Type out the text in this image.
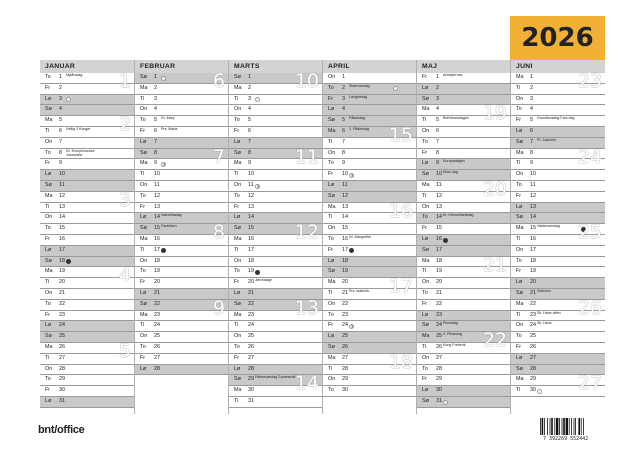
2026
JANUAR
To 1 Nytårsdag
Fr 2
Lø 3
Sø 4
Ma 5
Ti 6 Hellig 3 Konger
On 7
To 8 Dr. Kronprinsesse Josephine
Fr 9
Lø 10
Sø 11
Ma 12
Ti 13
On 14
To 15
Fr 16
Lø 17
Sø 18
Ma 19
Ti 20
On 21
To 22
Fr 23
Lø 24
Sø 25
Ma 26
Ti 27
On 28
To 29
Fr 30
Lø 31
1
2
3
4
5
FEBRUAR
Sø 1
Ma 2
Ti 3
On 4
To 5 Dr. Mary
Fr 6 Prs. Maria
Lø 7
Sø 8
Ma 9
Ti 10
On 11
To 12
Fr 13
Lø 14 Valentinsdag
Sø 15 Fastelavn
Ma 16
Ti 17
On 18
To 19
Fr 20
Lø 21
Sø 22
Ma 23
Ti 24
On 25
To 26
Fr 27
Lø 28
6
7
8
9
MARTS
Sø 1
Ma 2
Ti 3
On 4
To 5
Fr 6
Lø 7
Sø 8
Ma 9
Ti 10
On 11
To 12
Fr 13
Lø 14
Sø 15
Ma 16
Ti 17
On 18
To 19
Fr 20 Jævndøgn
Lø 21
Sø 22
Ma 23
Ti 24
On 25
To 26
Fr 27
Lø 28
Sø 29 Palmesøndag Sommertid
Ma 30
Ti 31
10
11
12
13
14
APRIL
On 1
To 2 Skærtorsdag
Fr 3 Langfredag
Lø 4
Sø 5 Påskedag
Ma 6 2. Påskedag
Ti 7
On 8
To 9
Fr 10
Lø 11
Sø 12
Ma 13
Ti 14
On 15
To 16 Dr. Margrethe
Fr 17
Lø 18
Sø 19
Ma 20
Ti 21 Prs. Isabella
On 22
To 23
Fr 24
Lø 25
Sø 26
Ma 27
Ti 28
On 29
To 30
15
16
17
18
MAJ
Fr 1 Arbejdernes
Lø 2
Sø 3
Ma 4
Ti 5 Befrielsesdagen
On 6
To 7
Fr 8
Lø 9 Europadagen
Sø 10 Mors dag
Ma 11
Ti 12
On 13
To 14 Kr. Himmelfartsdag
Fr 15
Lø 16
Sø 17
Ma 18
Ti 19
On 20
To 21
Fr 22
Lø 23
Sø 24 Pinsedag
Ma 25 2. Pinsedag
Ti 26 Kong Frederik
On 27
To 28
Fr 29
Lø 30
Sø 31
19
20
21
22
JUNI
Ma 1
Ti 2
On 3
To 4
Fr 5 Grundlovsdag Fars dag
Lø 6
Sø 7 Pr. Joachim
Ma 8
Ti 9
On 10
To 11
Fr 12
Lø 13
Sø 14
Ma 15 Valdemarsdag
Ti 16
On 17
To 18
Fr 19
Lø 20
Sø 21 Solhverv
Ma 22
Ti 23 Sk. Hans aften
On 24 Sk. Hans
To 25
Fr 26
Lø 27
Sø 28
Ma 29
Ti 30
23
24
25
26
27
bnt/office
7 392269 552442
